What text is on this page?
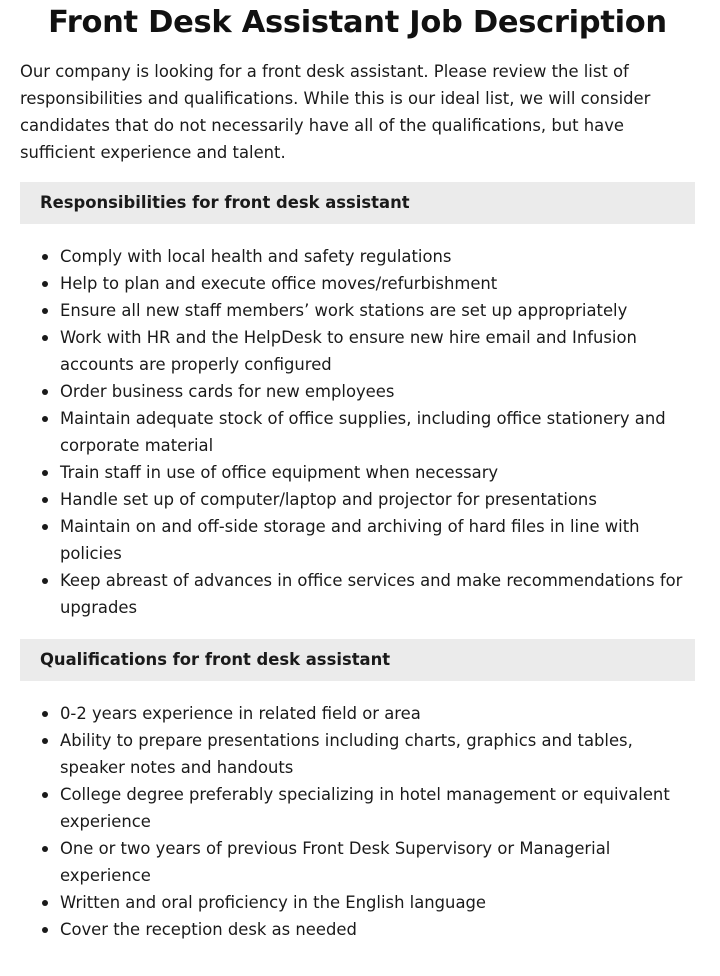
Front Desk Assistant Job Description

Our company is looking for a front desk assistant. Please review the list of responsibilities and qualifications. While this is our ideal list, we will consider candidates that do not necessarily have all of the qualifications, but have sufficient experience and talent.

Responsibilities for front desk assistant
Comply with local health and safety regulations
Help to plan and execute office moves/refurbishment
Ensure all new staff members’ work stations are set up appropriately
Work with HR and the HelpDesk to ensure new hire email and Infusion accounts are properly configured
Order business cards for new employees
Maintain adequate stock of office supplies, including office stationery and corporate material
Train staff in use of office equipment when necessary
Handle set up of computer/laptop and projector for presentations
Maintain on and off-side storage and archiving of hard files in line with policies
Keep abreast of advances in office services and make recommendations for upgrades
Qualifications for front desk assistant
0-2 years experience in related field or area
Ability to prepare presentations including charts, graphics and tables, speaker notes and handouts
College degree preferably specializing in hotel management or equivalent experience
One or two years of previous Front Desk Supervisory or Managerial experience
Written and oral proficiency in the English language
Cover the reception desk as needed
